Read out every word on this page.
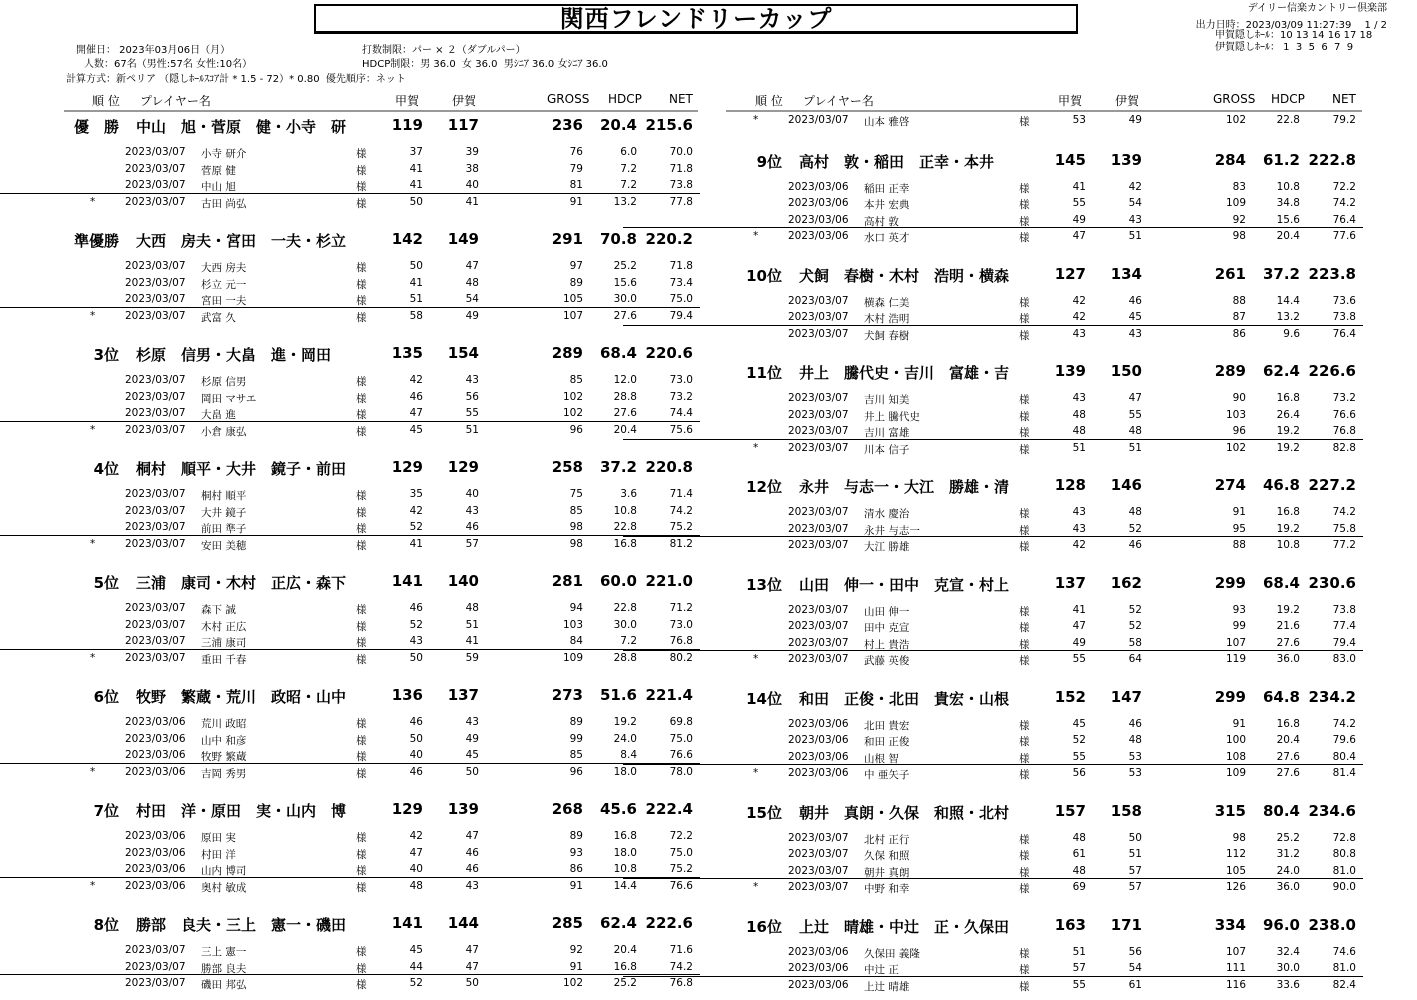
関西フレンドリーカップ	デイリー信楽カントリー倶楽部
出力日時：2023/03/09 11:27:39　 1 / 2
甲賀隠しﾎｰﾙ：10 13 14 16 17 18
伊賀隠しﾎｰﾙ： 1  3  5  6  7  9
開催日： 2023年03月06日（月）
人数：67名（男性:57名 女性:10名）
計算方式：新ペリア （隠しﾎｰﾙｽｺｱ計 * 1.5 - 72）* 0.80  優先順序：ネット
打数制限：パー × ２（ダブルパー）
HDCP制限：男 36.0  女 36.0  男ｼﾆｱ 36.0 女ｼﾆｱ 36.0
順 位 プレイヤー名	甲賀	伊賀	GROSS HDCP NET	順 位 プレイヤー名	甲賀	伊賀	GROSS HDCP NET
優　勝 中山　旭・菅原　健・小寺　研	119 117	236 20.4 215.6
2023/03/07 小寺 研介	様	37	39	76	6.0	70.0
2023/03/07 菅原 健	様	41	38	79	7.2	71.8
2023/03/07 中山 旭	様	41	40	81	7.2	73.8
*	2023/03/07 古田 尚弘	様	50	41	91	13.2	77.8
準優勝 大西　房夫・宮田　一夫・杉立	142 149	291 70.8 220.2
2023/03/07 大西 房夫	様	50	47	97	25.2	71.8
2023/03/07 杉立 元一	様	41	48	89	15.6	73.4
2023/03/07 宮田 一夫	様	51	54	105	30.0	75.0
*	2023/03/07 武富 久	様	58	49	107	27.6	79.4
3位 杉原　信男・大畠　進・岡田	135 154	289 68.4 220.6
2023/03/07 杉原 信男	様	42	43	85	12.0	73.0
2023/03/07 岡田 マサエ	様	46	56	102	28.8	73.2
2023/03/07 大畠 進	様	47	55	102	27.6	74.4
*	2023/03/07 小倉 康弘	様	45	51	96	20.4	75.6
4位 桐村　順平・大井　鏡子・前田	129 129	258 37.2 220.8
2023/03/07 桐村 順平	様	35	40	75	3.6	71.4
2023/03/07 大井 鏡子	様	42	43	85	10.8	74.2
2023/03/07 前田 準子	様	52	46	98	22.8	75.2
*	2023/03/07 安田 美穂	様	41	57	98	16.8	81.2
5位 三浦　康司・木村　正広・森下	141 140	281 60.0 221.0
2023/03/07 森下 誠	様	46	48	94	22.8	71.2
2023/03/07 木村 正広	様	52	51	103	30.0	73.0
2023/03/07 三浦 康司	様	43	41	84	7.2	76.8
*	2023/03/07 重田 千春	様	50	59	109	28.8	80.2
6位 牧野　繁蔵・荒川　政昭・山中	136 137	273 51.6 221.4
2023/03/06 荒川 政昭	様	46	43	89	19.2	69.8
2023/03/06 山中 和彦	様	50	49	99	24.0	75.0
2023/03/06 牧野 繁蔵	様	40	45	85	8.4	76.6
*	2023/03/06 吉岡 秀男	様	46	50	96	18.0	78.0
7位 村田　洋・原田　実・山内　博	129 139	268 45.6 222.4
2023/03/06 原田 実	様	42	47	89	16.8	72.2
2023/03/06 村田 洋	様	47	46	93	18.0	75.0
2023/03/06 山内 博司	様	40	46	86	10.8	75.2
*	2023/03/06 奥村 敏成	様	48	43	91	14.4	76.6
8位 勝部　良夫・三上　憲一・磯田	141 144	285 62.4 222.6
2023/03/07 三上 憲一	様	45	47	92	20.4	71.6
2023/03/07 勝部 良夫	様	44	47	91	16.8	74.2
2023/03/07 磯田 邦弘	様	52	50	102	25.2	76.8
*	2023/03/07 山本 雅啓	様	53	49	102	22.8	79.2
9位 高村　敦・稲田　正幸・本井	145 139	284 61.2 222.8
2023/03/06 稲田 正幸	様	41	42	83	10.8	72.2
2023/03/06 本井 宏典	様	55	54	109	34.8	74.2
2023/03/06 高村 敦	様	49	43	92	15.6	76.4
*	2023/03/06 水口 英才	様	47	51	98	20.4	77.6
10位 犬飼　春樹・木村　浩明・横森	127 134	261 37.2 223.8
2023/03/07 横森 仁美	様	42	46	88	14.4	73.6
2023/03/07 木村 浩明	様	42	45	87	13.2	73.8
2023/03/07 犬飼 春樹	様	43	43	86	9.6	76.4
11位 井上　騰代史・吉川　富雄・吉	139 150	289 62.4 226.6
2023/03/07 吉川 知美	様	43	47	90	16.8	73.2
2023/03/07 井上 騰代史	様	48	55	103	26.4	76.6
2023/03/07 吉川 富雄	様	48	48	96	19.2	76.8
*	2023/03/07 川本 信子	様	51	51	102	19.2	82.8
12位 永井　与志一・大江　勝雄・清	128 146	274 46.8 227.2
2023/03/07 清水 慶治	様	43	48	91	16.8	74.2
2023/03/07 永井 与志一	様	43	52	95	19.2	75.8
2023/03/07 大江 勝雄	様	42	46	88	10.8	77.2
13位 山田　伸一・田中　克宣・村上	137 162	299 68.4 230.6
2023/03/07 山田 伸一	様	41	52	93	19.2	73.8
2023/03/07 田中 克宣	様	47	52	99	21.6	77.4
2023/03/07 村上 貴浩	様	49	58	107	27.6	79.4
*	2023/03/07 武藤 英俊	様	55	64	119	36.0	83.0
14位 和田　正俊・北田　貴宏・山根	152 147	299 64.8 234.2
2023/03/06 北田 貴宏	様	45	46	91	16.8	74.2
2023/03/06 和田 正俊	様	52	48	100	20.4	79.6
2023/03/06 山根 智	様	55	53	108	27.6	80.4
*	2023/03/06 中 亜矢子	様	56	53	109	27.6	81.4
15位 朝井　真朗・久保　和照・北村	157 158	315 80.4 234.6
2023/03/07 北村 正行	様	48	50	98	25.2	72.8
2023/03/07 久保 和照	様	61	51	112	31.2	80.8
2023/03/07 朝井 真朗	様	48	57	105	24.0	81.0
*	2023/03/07 中野 和幸	様	69	57	126	36.0	90.0
16位 上辻　晴雄・中辻　正・久保田	163 171	334 96.0 238.0
2023/03/06 久保田 義隆	様	51	56	107	32.4	74.6
2023/03/06 中辻 正	様	57	54	111	30.0	81.0
2023/03/06 上辻 晴雄	様	55	61	116	33.6	82.4
